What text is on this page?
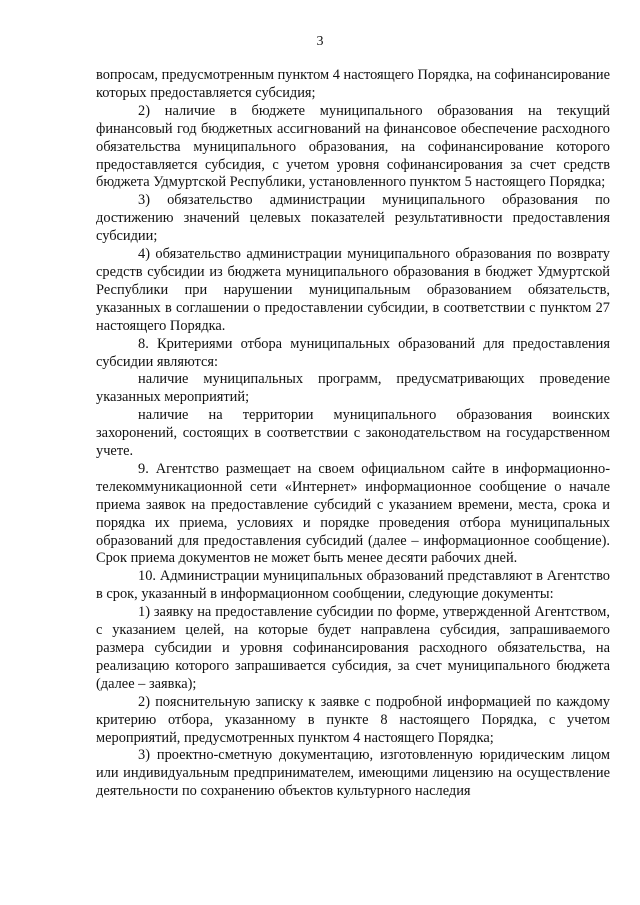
3

вопросам, предусмотренным пунктом 4 настоящего Порядка, на софинансирование которых предоставляется субсидия;

2) наличие в бюджете муниципального образования на текущий финансовый год бюджетных ассигнований на финансовое обеспечение расходного обязательства муниципального образования, на софинансирование которого предоставляется субсидия, с учетом уровня софинансирования за счет средств бюджета Удмуртской Республики, установленного пунктом 5 настоящего Порядка;

3) обязательство администрации муниципального образования по достижению значений целевых показателей результативности предоставления субсидии;

4) обязательство администрации муниципального образования по возврату средств субсидии из бюджета муниципального образования в бюджет Удмуртской Республики при нарушении муниципальным образованием обязательств, указанных в соглашении о предоставлении субсидии, в соответствии с пунктом 27 настоящего Порядка.

8. Критериями отбора муниципальных образований для предоставления субсидии являются:

наличие муниципальных программ, предусматривающих проведение указанных мероприятий;

наличие на территории муниципального образования воинских захоронений, состоящих в соответствии с законодательством на государственном учете.

9. Агентство размещает на своем официальном сайте в информационно-телекоммуникационной сети «Интернет» информационное сообщение о начале приема заявок на предоставление субсидий с указанием времени, места, срока и порядка их приема, условиях и порядке проведения отбора муниципальных образований для предоставления субсидий (далее – информационное сообщение). Срок приема документов не может быть менее десяти рабочих дней.

10. Администрации муниципальных образований представляют в Агентство в срок, указанный в информационном сообщении, следующие документы:

1) заявку на предоставление субсидии по форме, утвержденной Агентством, с указанием целей, на которые будет направлена субсидия, запрашиваемого размера субсидии и уровня софинансирования расходного обязательства, на реализацию которого запрашивается субсидия, за счет муниципального бюджета (далее – заявка);

2) пояснительную записку к заявке с подробной информацией по каждому критерию отбора, указанному в пункте 8 настоящего Порядка, с учетом мероприятий, предусмотренных пунктом 4 настоящего Порядка;

3) проектно-сметную документацию, изготовленную юридическим лицом или индивидуальным предпринимателем, имеющими лицензию на осуществление деятельности по сохранению объектов культурного наследия
